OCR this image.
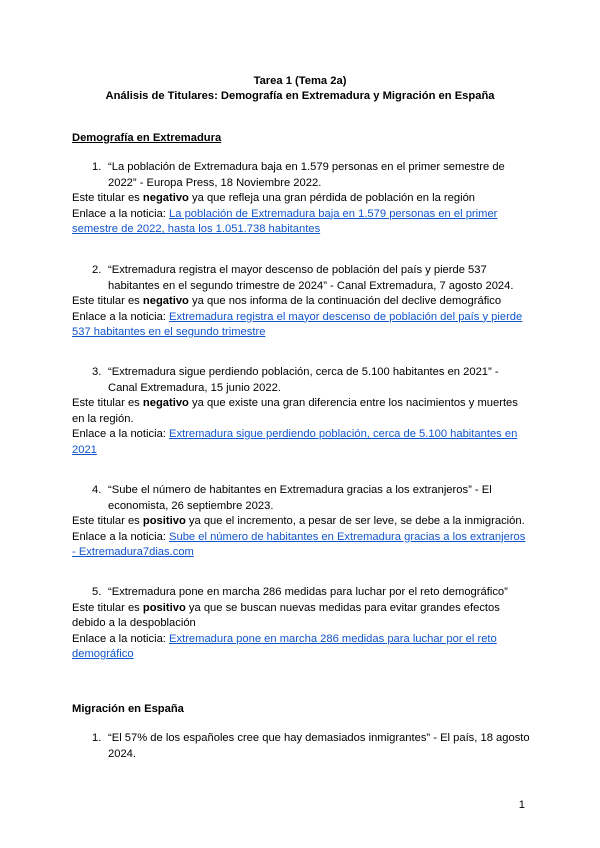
Tarea 1 (Tema 2a)
Análisis de Titulares: Demografía en Extremadura y Migración en España
Demografía en Extremadura
1. “La población de Extremadura baja en 1.579 personas en el primer semestre de
2022” - Europa Press, 18 Noviembre 2022.
Este titular es negativo ya que refleja una gran pérdida de población en la región
Enlace a la noticia: La población de Extremadura baja en 1.579 personas en el primer
semestre de 2022, hasta los 1.051.738 habitantes
2. “Extremadura registra el mayor descenso de población del país y pierde 537
habitantes en el segundo trimestre de 2024” - Canal Extremadura, 7 agosto 2024.
Este titular es negativo ya que nos informa de la continuación del declive demográfico
Enlace a la noticia: Extremadura registra el mayor descenso de población del país y pierde
537 habitantes en el segundo trimestre
3. “Extremadura sigue perdiendo población, cerca de 5.100 habitantes en 2021” -
Canal Extremadura, 15 junio 2022.
Este titular es negativo ya que existe una gran diferencia entre los nacimientos y muertes
en la región.
Enlace a la noticia: Extremadura sigue perdiendo población, cerca de 5.100 habitantes en
2021
4. “Sube el número de habitantes en Extremadura gracias a los extranjeros” - El
economista, 26 septiembre 2023.
Este titular es positivo ya que el incremento, a pesar de ser leve, se debe a la inmigración.
Enlace a la noticia: Sube el número de habitantes en Extremadura gracias a los extranjeros
- Extremadura7dias.com
5. “Extremadura pone en marcha 286 medidas para luchar por el reto demográfico”
Este titular es positivo ya que se buscan nuevas medidas para evitar grandes efectos
debido a la despoblación
Enlace a la noticia: Extremadura pone en marcha 286 medidas para luchar por el reto
demográfico
Migración en España
1. “El 57% de los españoles cree que hay demasiados inmigrantes” - El país, 18 agosto
2024.
1
